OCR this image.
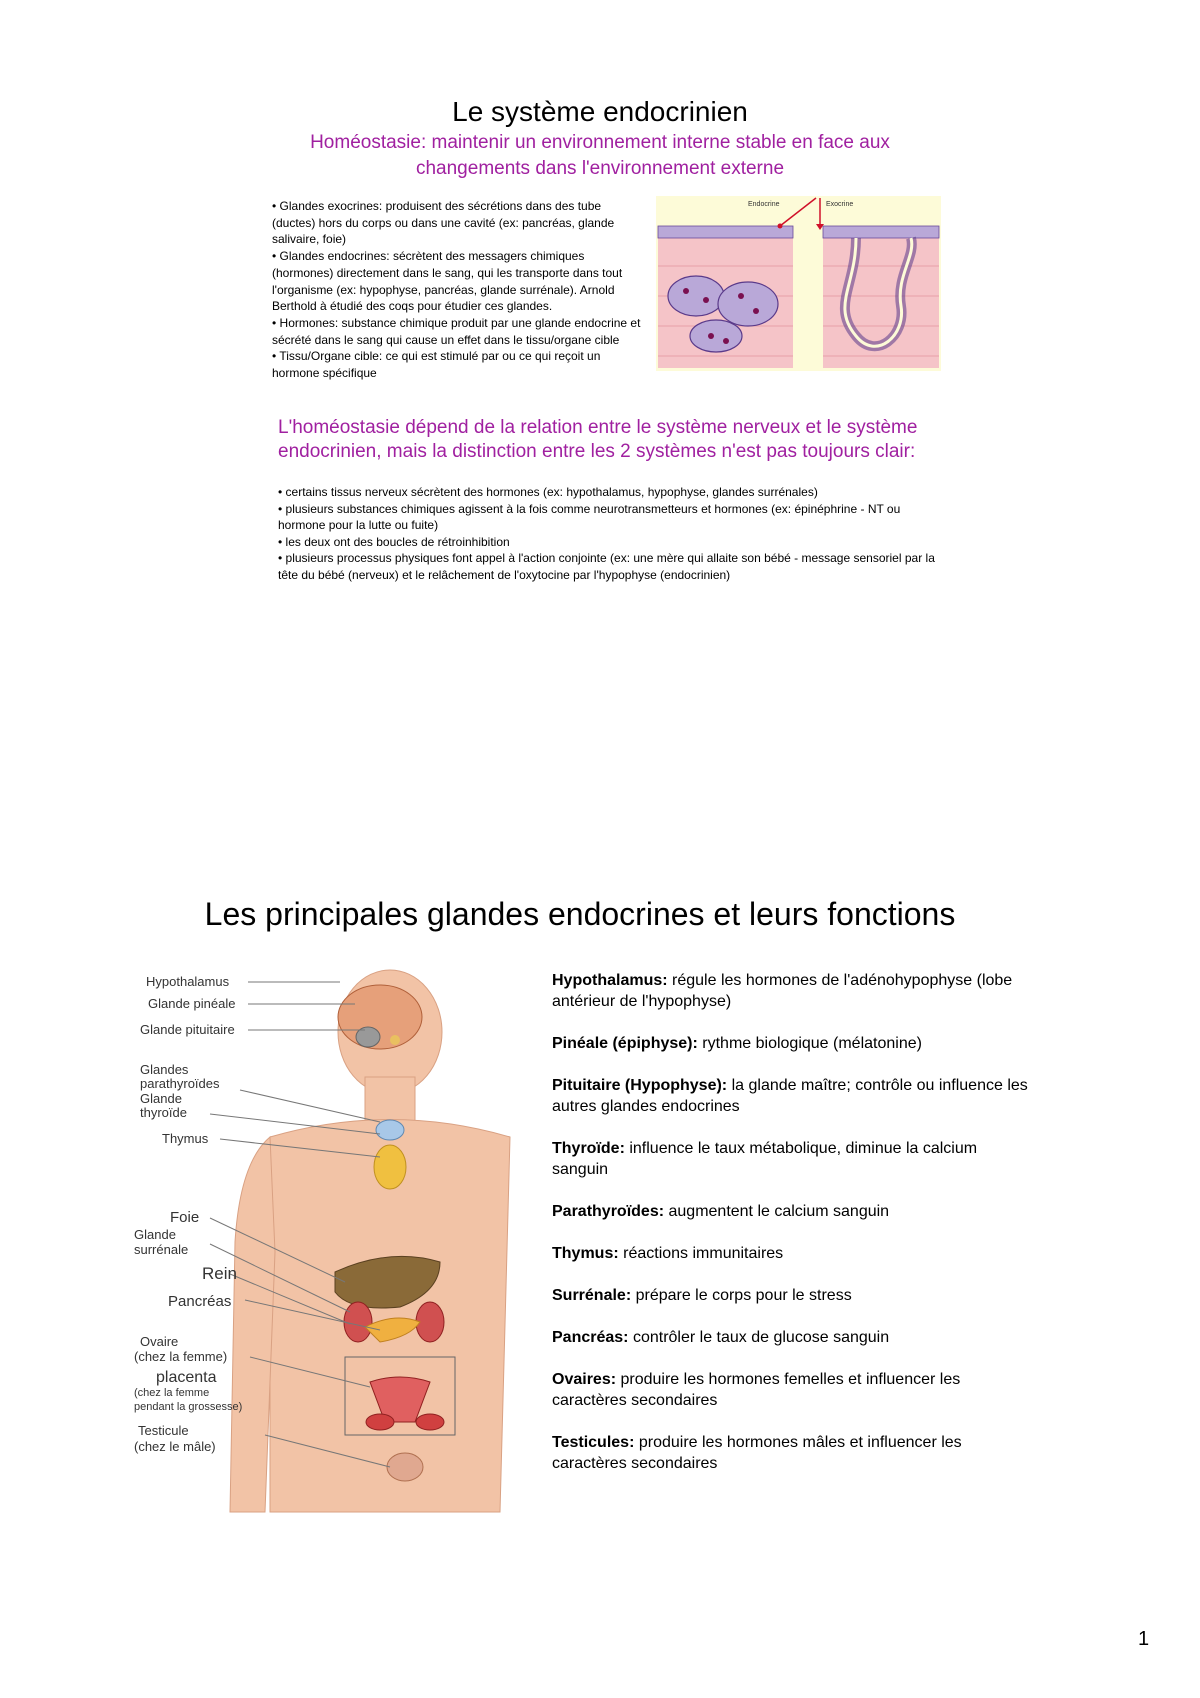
Le système endocrinien
Homéostasie: maintenir un environnement interne stable en face aux changements dans l'environnement externe

• Glandes exocrines: produisent des sécrétions dans des tube (ductes) hors du corps ou dans une cavité (ex: pancréas, glande salivaire, foie)

• Glandes endocrines: sécrètent des messagers chimiques (hormones) directement dans le sang, qui les transporte dans tout l'organisme (ex: hypophyse, pancréas, glande surrénale). Arnold Berthold à étudié des coqs pour étudier ces glandes.

• Hormones: substance chimique produit par une glande endocrine et sécrété dans le sang qui cause un effet dans le tissu/organe cible

• Tissu/Organe cible: ce qui est stimulé par ou ce qui reçoit un hormone spécifique

Endocrine	Exocrine
L'homéostasie dépend de la relation entre le système nerveux et le système endocrinien, mais la distinction entre les 2 systèmes n'est pas toujours clair:

• certains tissus nerveux sécrètent des hormones (ex: hypothalamus, hypophyse, glandes surrénales)

• plusieurs substances chimiques agissent à la fois comme neurotransmetteurs et hormones (ex: épinéphrine - NT ou hormone pour la lutte ou fuite)

• les deux ont des boucles de rétroinhibition

• plusieurs processus physiques font appel à l'action conjointe (ex: une mère qui allaite son bébé - message sensoriel par la tête du bébé (nerveux) et le relâchement de l'oxytocine par l'hypophyse (endocrinien)

Les principales glandes endocrines et leurs fonctions
Hypothalamus
Glande pinéale
Glande pituitaire
Glandes
parathyroïdes
Glande
thyroïde
Thymus
Foie
Glande
surrénale
Rein
Pancréas
Ovaire
(chez la femme)
placenta
(chez la femme
pendant la grossesse)
Testicule
(chez le mâle)

Hypothalamus: régule les hormones de l'adénohypophyse (lobe antérieur de l'hypophyse)

Pinéale (épiphyse): rythme biologique (mélatonine)

Pituitaire (Hypophyse): la glande maître; contrôle ou influence les autres glandes endocrines

Thyroïde: influence le taux métabolique, diminue la calcium sanguin

Parathyroïdes: augmentent le calcium sanguin

Thymus: réactions immunitaires

Surrénale: prépare le corps pour le stress

Pancréas: contrôler le taux de glucose sanguin

Ovaires: produire les hormones femelles et influencer les caractères secondaires

Testicules: produire les hormones mâles et influencer les caractères secondaires

1
